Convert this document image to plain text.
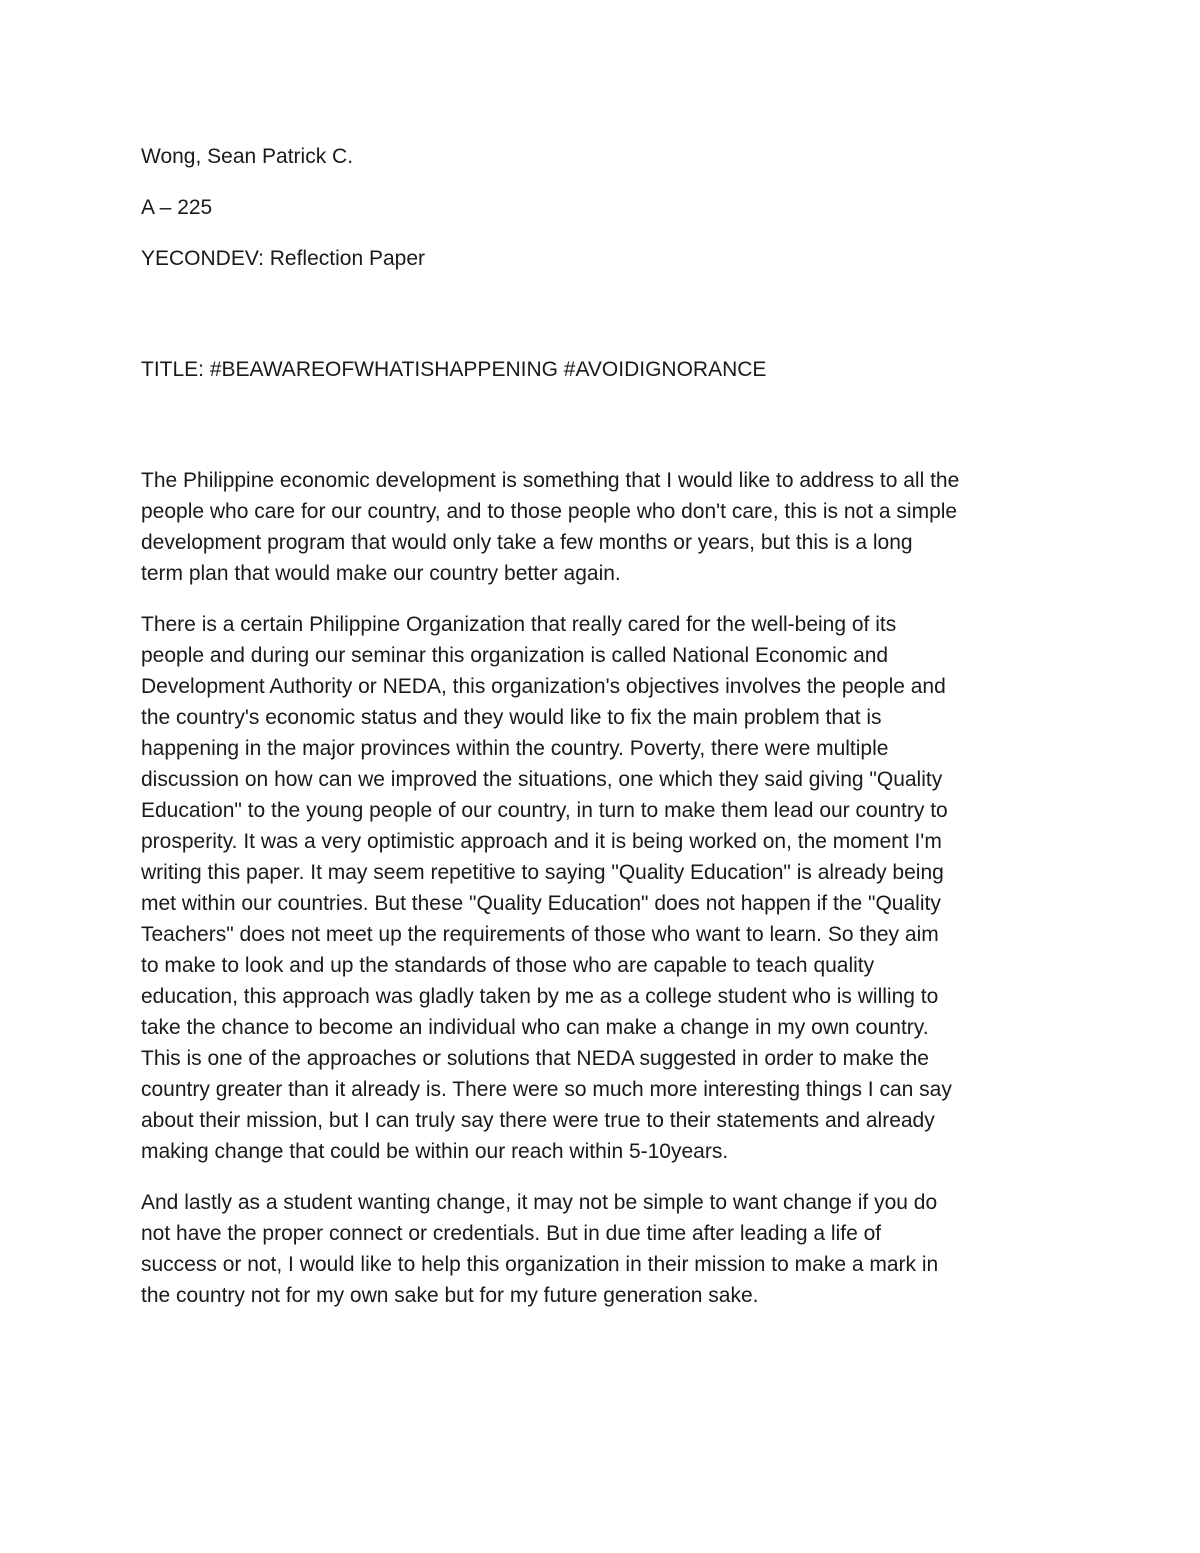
Wong, Sean Patrick C.

A – 225

YECONDEV: Reflection Paper

TITLE: #BEAWAREOFWHATISHAPPENING #AVOIDIGNORANCE

The Philippine economic development is something that I would like to address to all the
people who care for our country, and to those people who don't care, this is not a simple
development program that would only take a few months or years, but this is a long
term plan that would make our country better again.
There is a certain Philippine Organization that really cared for the well-being of its
people and during our seminar this organization is called National Economic and
Development Authority or NEDA, this organization's objectives involves the people and
the country's economic status and they would like to fix the main problem that is
happening in the major provinces within the country. Poverty, there were multiple
discussion on how can we improved the situations, one which they said giving "Quality
Education" to the young people of our country, in turn to make them lead our country to
prosperity. It was a very optimistic approach and it is being worked on, the moment I'm
writing this paper. It may seem repetitive to saying "Quality Education" is already being
met within our countries. But these "Quality Education" does not happen if the "Quality
Teachers" does not meet up the requirements of those who want to learn. So they aim
to make to look and up the standards of those who are capable to teach quality
education, this approach was gladly taken by me as a college student who is willing to
take the chance to become an individual who can make a change in my own country.
This is one of the approaches or solutions that NEDA suggested in order to make the
country greater than it already is. There were so much more interesting things I can say
about their mission, but I can truly say there were true to their statements and already
making change that could be within our reach within 5-10years.
And lastly as a student wanting change, it may not be simple to want change if you do
not have the proper connect or credentials. But in due time after leading a life of
success or not, I would like to help this organization in their mission to make a mark in
the country not for my own sake but for my future generation sake.
